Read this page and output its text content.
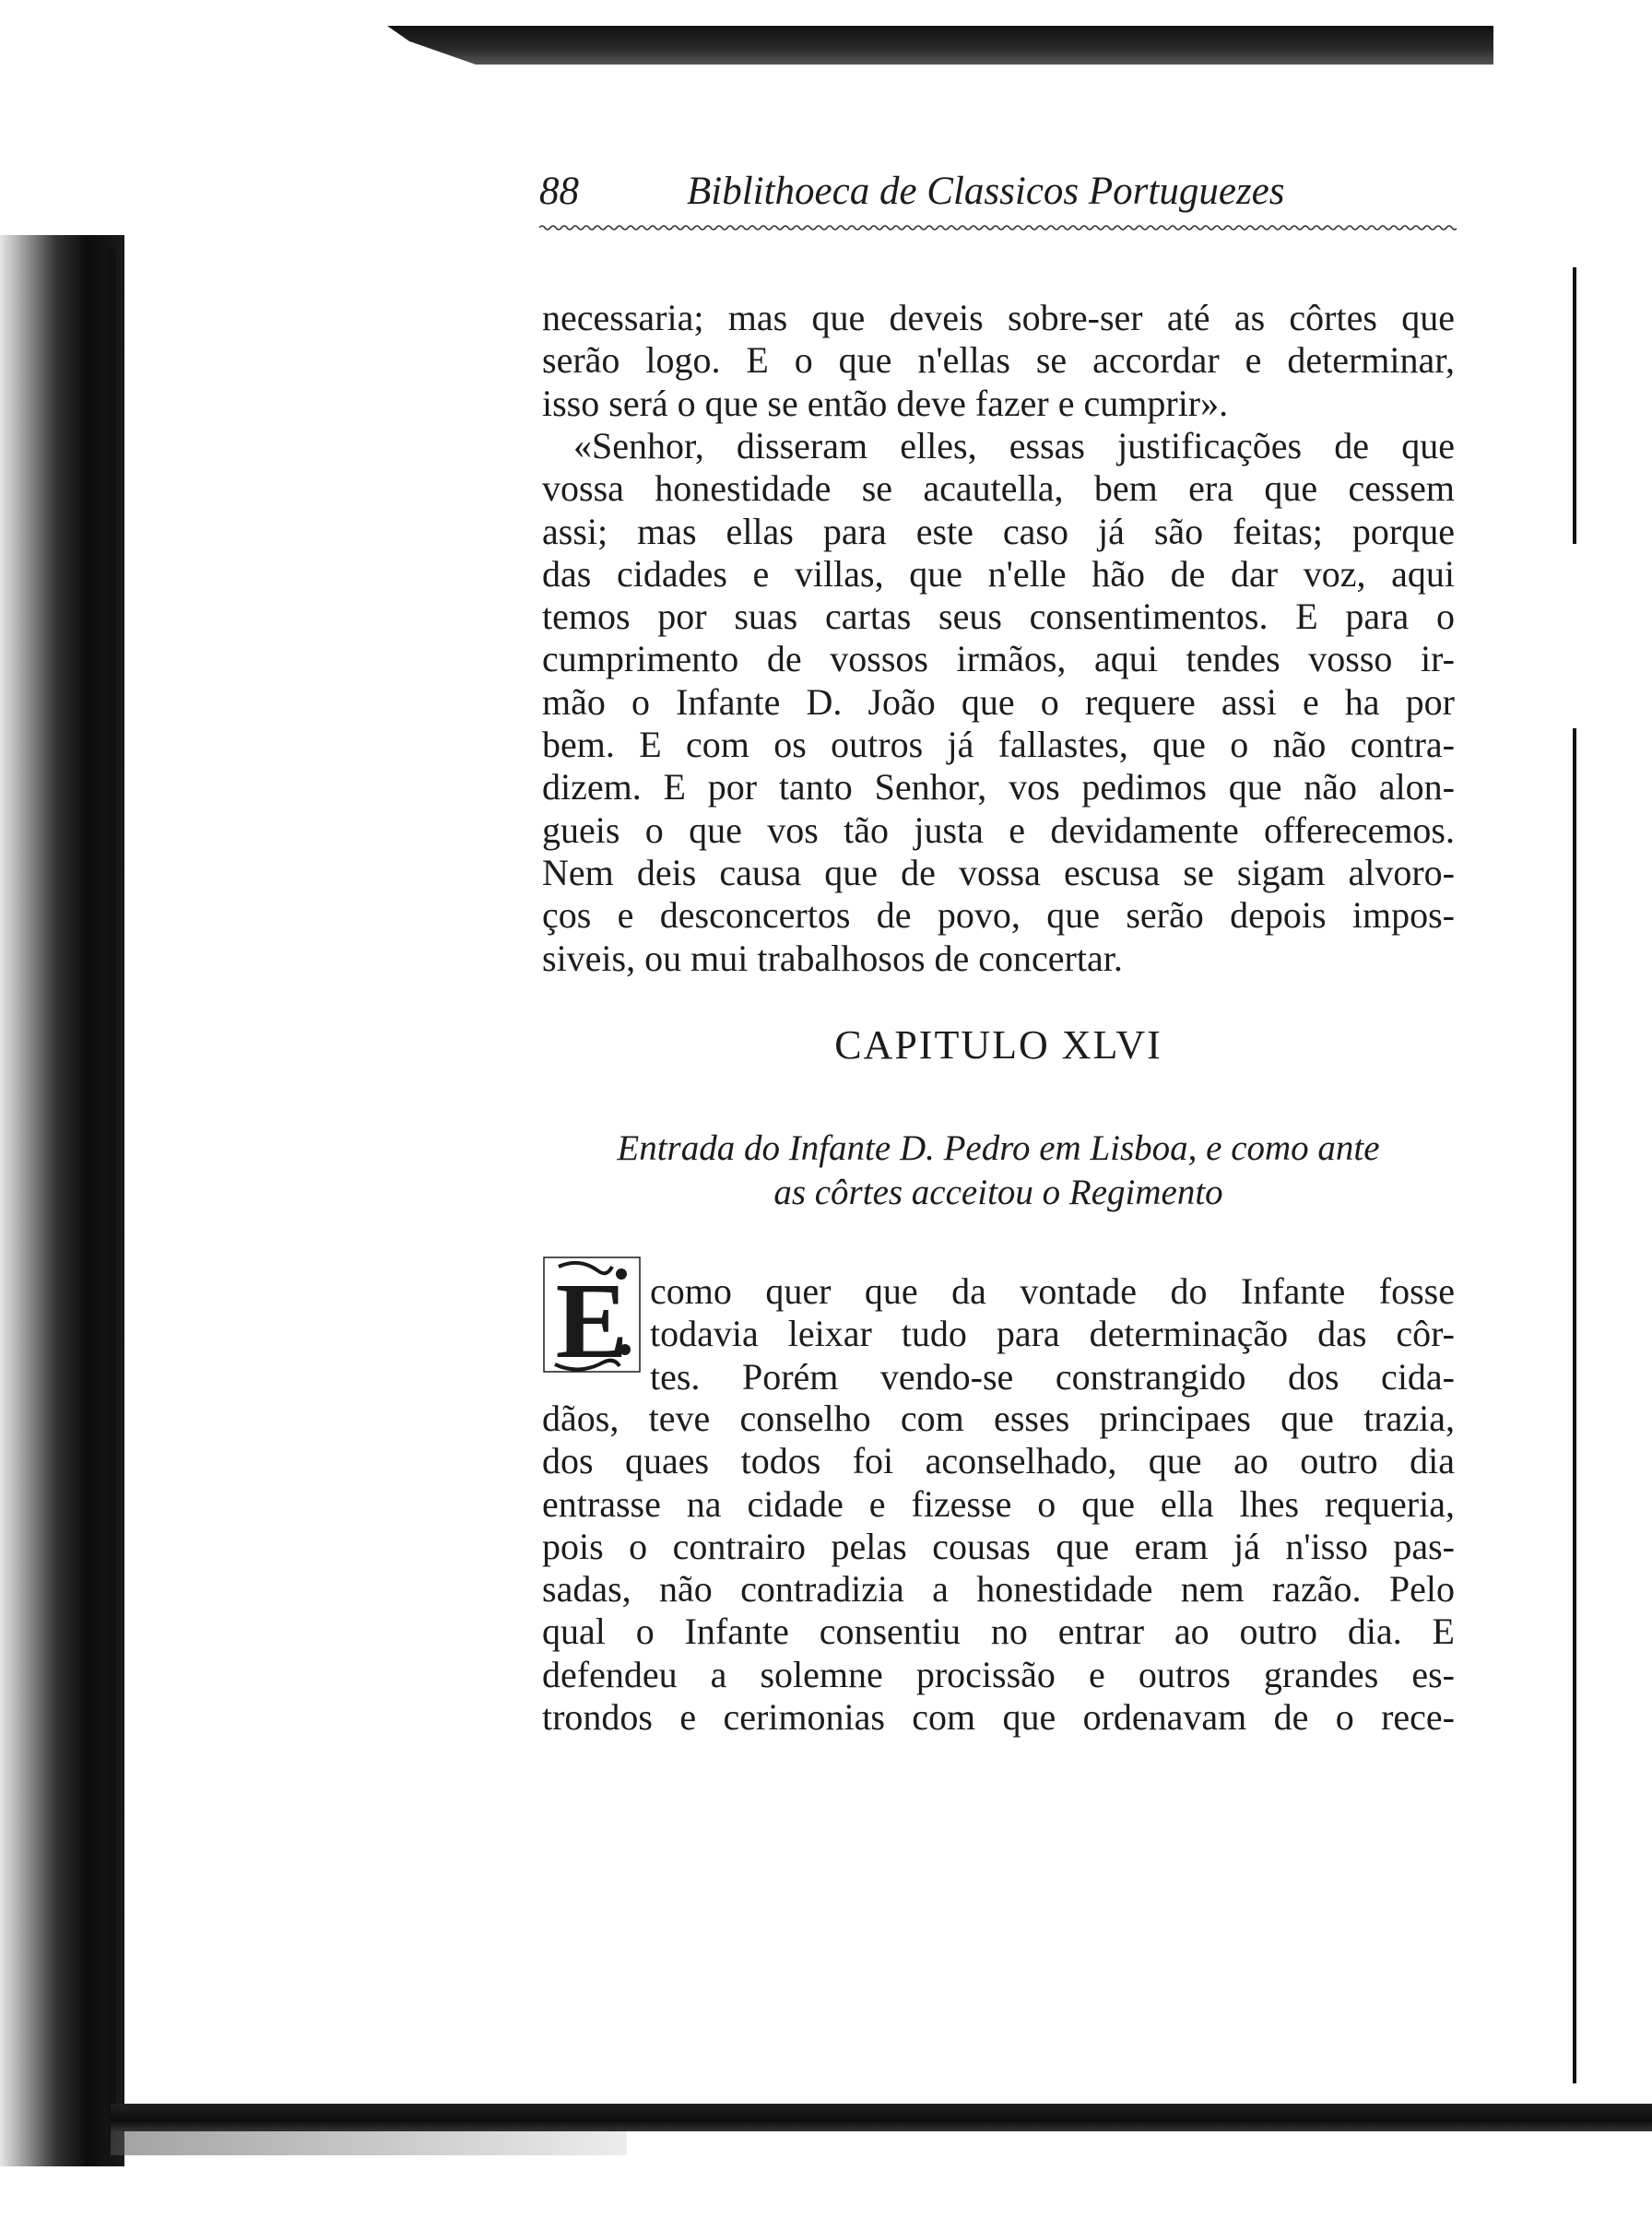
88	Biblithoeca de Classicos Portuguezes
necessaria; mas que deveis sobre-ser até as côrtes que
serão logo. E o que n'ellas se accordar e determinar,
isso será o que se então deve fazer e cumprir».
«Senhor, disseram elles, essas justificações de que
vossa honestidade se acautella, bem era que cessem
assi; mas ellas para este caso já são feitas; porque
das cidades e villas, que n'elle hão de dar voz, aqui
temos por suas cartas seus consentimentos. E para o
cumprimento de vossos irmãos, aqui tendes vosso ir-
mão o Infante D. João que o requere assi e ha por
bem. E com os outros já fallastes, que o não contra-
dizem. E por tanto Senhor, vos pedimos que não alon-
gueis o que vos tão justa e devidamente offerecemos.
Nem deis causa que de vossa escusa se sigam alvoro-
ços e desconcertos de povo, que serão depois impos-
siveis, ou mui trabalhosos de concertar.
CAPITULO XLVI
Entrada do Infante D. Pedro em Lisboa, e como ante
as côrtes acceitou o Regimento
E como quer que da vontade do Infante fosse
todavia leixar tudo para determinação das côr-
tes. Porém vendo-se constrangido dos cida-
dãos, teve conselho com esses principaes que trazia,
dos quaes todos foi aconselhado, que ao outro dia
entrasse na cidade e fizesse o que ella lhes requeria,
pois o contrairo pelas cousas que eram já n'isso pas-
sadas, não contradizia a honestidade nem razão. Pelo
qual o Infante consentiu no entrar ao outro dia. E
defendeu a solemne procissão e outros grandes es-
trondos e cerimonias com que ordenavam de o rece-
